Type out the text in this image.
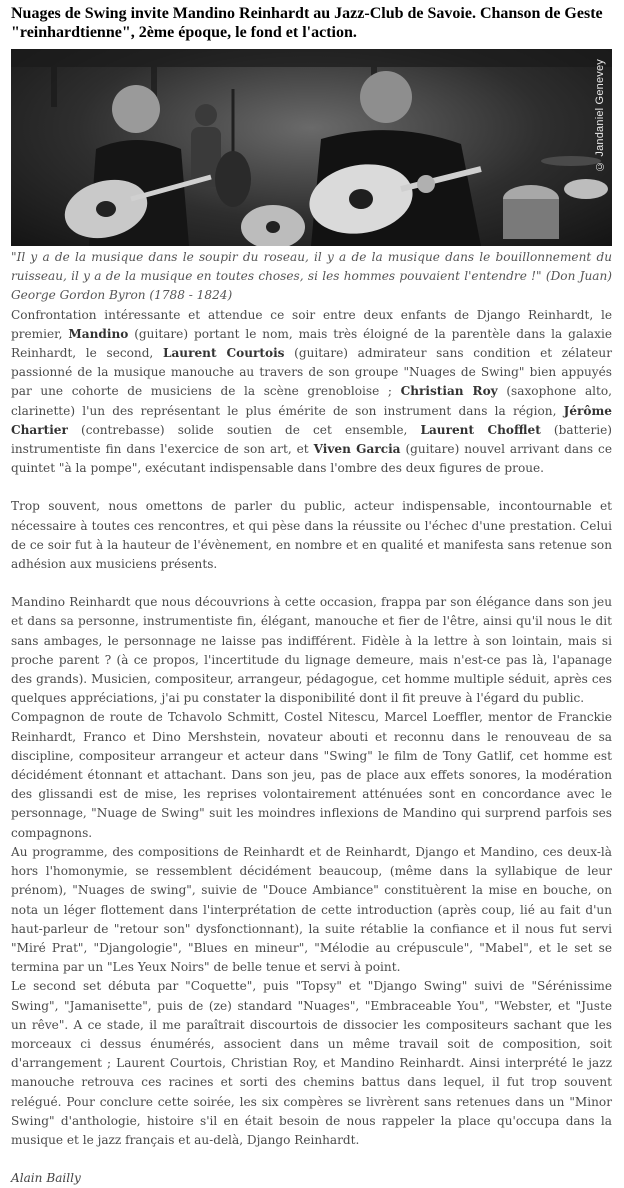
Nuages de Swing invite Mandino Reinhardt au Jazz-Club de Savoie. Chanson de Geste "reinhardtienne", 2ème époque, le fond et l'action.
© Jandaniel Genevey

"Il y a de la musique dans le soupir du roseau, il y a de la musique dans le bouillonnement du ruisseau, il y a de la musique en toutes choses, si les hommes pouvaient l'entendre !" (Don Juan) George Gordon Byron (1788 - 1824)

Confrontation intéressante et attendue ce soir entre deux enfants de Django Reinhardt, le premier, Mandino (guitare) portant le nom, mais très éloigné de la parentèle dans la galaxie Reinhardt, le second, Laurent Courtois (guitare) admirateur sans condition et zélateur passionné de la musique manouche au travers de son groupe "Nuages de Swing" bien appuyés par une cohorte de musiciens de la scène grenobloise ; Christian Roy (saxophone alto, clarinette) l'un des représentant le plus émérite de son instrument dans la région, Jérôme Chartier (contrebasse) solide soutien de cet ensemble, Laurent Chofflet (batterie) instrumentiste fin dans l'exercice de son art, et Viven Garcia (guitare) nouvel arrivant dans ce quintet "à la pompe", exécutant indispensable dans l'ombre des deux figures de proue.

Trop souvent, nous omettons de parler du public, acteur indispensable, incontournable et nécessaire à toutes ces rencontres, et qui pèse dans la réussite ou l'échec d'une prestation. Celui de ce soir fut à la hauteur de l'évènement, en nombre et en qualité et manifesta sans retenue son adhésion aux musiciens présents.

Mandino Reinhardt que nous découvrions à cette occasion, frappa par son élégance dans son jeu et dans sa personne, instrumentiste fin, élégant, manouche et fier de l'être, ainsi qu'il nous le dit sans ambages, le personnage ne laisse pas indifférent. Fidèle à la lettre à son lointain, mais si proche parent ? (à ce propos, l'incertitude du lignage demeure, mais n'est-ce pas là, l'apanage des grands). Musicien, compositeur, arrangeur, pédagogue, cet homme multiple séduit, après ces quelques appréciations, j'ai pu constater la disponibilité dont il fit preuve à l'égard du public.

Compagnon de route de Tchavolo Schmitt, Costel Nitescu, Marcel Loeffler, mentor de Franckie Reinhardt, Franco et Dino Mershstein, novateur abouti et reconnu dans le renouveau de sa discipline, compositeur arrangeur et acteur dans "Swing" le film de Tony Gatlif, cet homme est décidément étonnant et attachant. Dans son jeu, pas de place aux effets sonores, la modération des glissandi est de mise, les reprises volontairement atténuées sont en concordance avec le personnage, "Nuage de Swing" suit les moindres inflexions de Mandino qui surprend parfois ses compagnons.

Au programme, des compositions de Reinhardt et de Reinhardt, Django et Mandino, ces deux-là hors l'homonymie, se ressemblent décidément beaucoup, (même dans la syllabique de leur prénom), "Nuages de swing", suivie de "Douce Ambiance" constituèrent la mise en bouche, on nota un léger flottement dans l'interprétation de cette introduction (après coup, lié au fait d'un haut-parleur de "retour son" dysfonctionnant), la suite rétablie la confiance et il nous fut servi "Miré Prat", "Djangologie", "Blues en mineur", "Mélodie au crépuscule", "Mabel", et le set se termina par un "Les Yeux Noirs" de belle tenue et servi à point.

Le second set débuta par "Coquette", puis "Topsy" et "Django Swing" suivi de "Sérénissime Swing", "Jamanisette", puis de (ze) standard "Nuages", "Embraceable You", "Webster, et "Juste un rêve". A ce stade, il me paraîtrait discourtois de dissocier les compositeurs sachant que les morceaux ci dessus énumérés, associent dans un même travail soit de composition, soit d'arrangement ; Laurent Courtois, Christian Roy, et Mandino Reinhardt. Ainsi interprété le jazz manouche retrouva ces racines et sorti des chemins battus dans lequel, il fut trop souvent relégué. Pour conclure cette soirée, les six compères se livrèrent sans retenues dans un "Minor Swing" d'anthologie, histoire s'il en était besoin de nous rappeler la place qu'occupa dans la musique et le jazz français et au-delà, Django Reinhardt.

Alain Bailly
